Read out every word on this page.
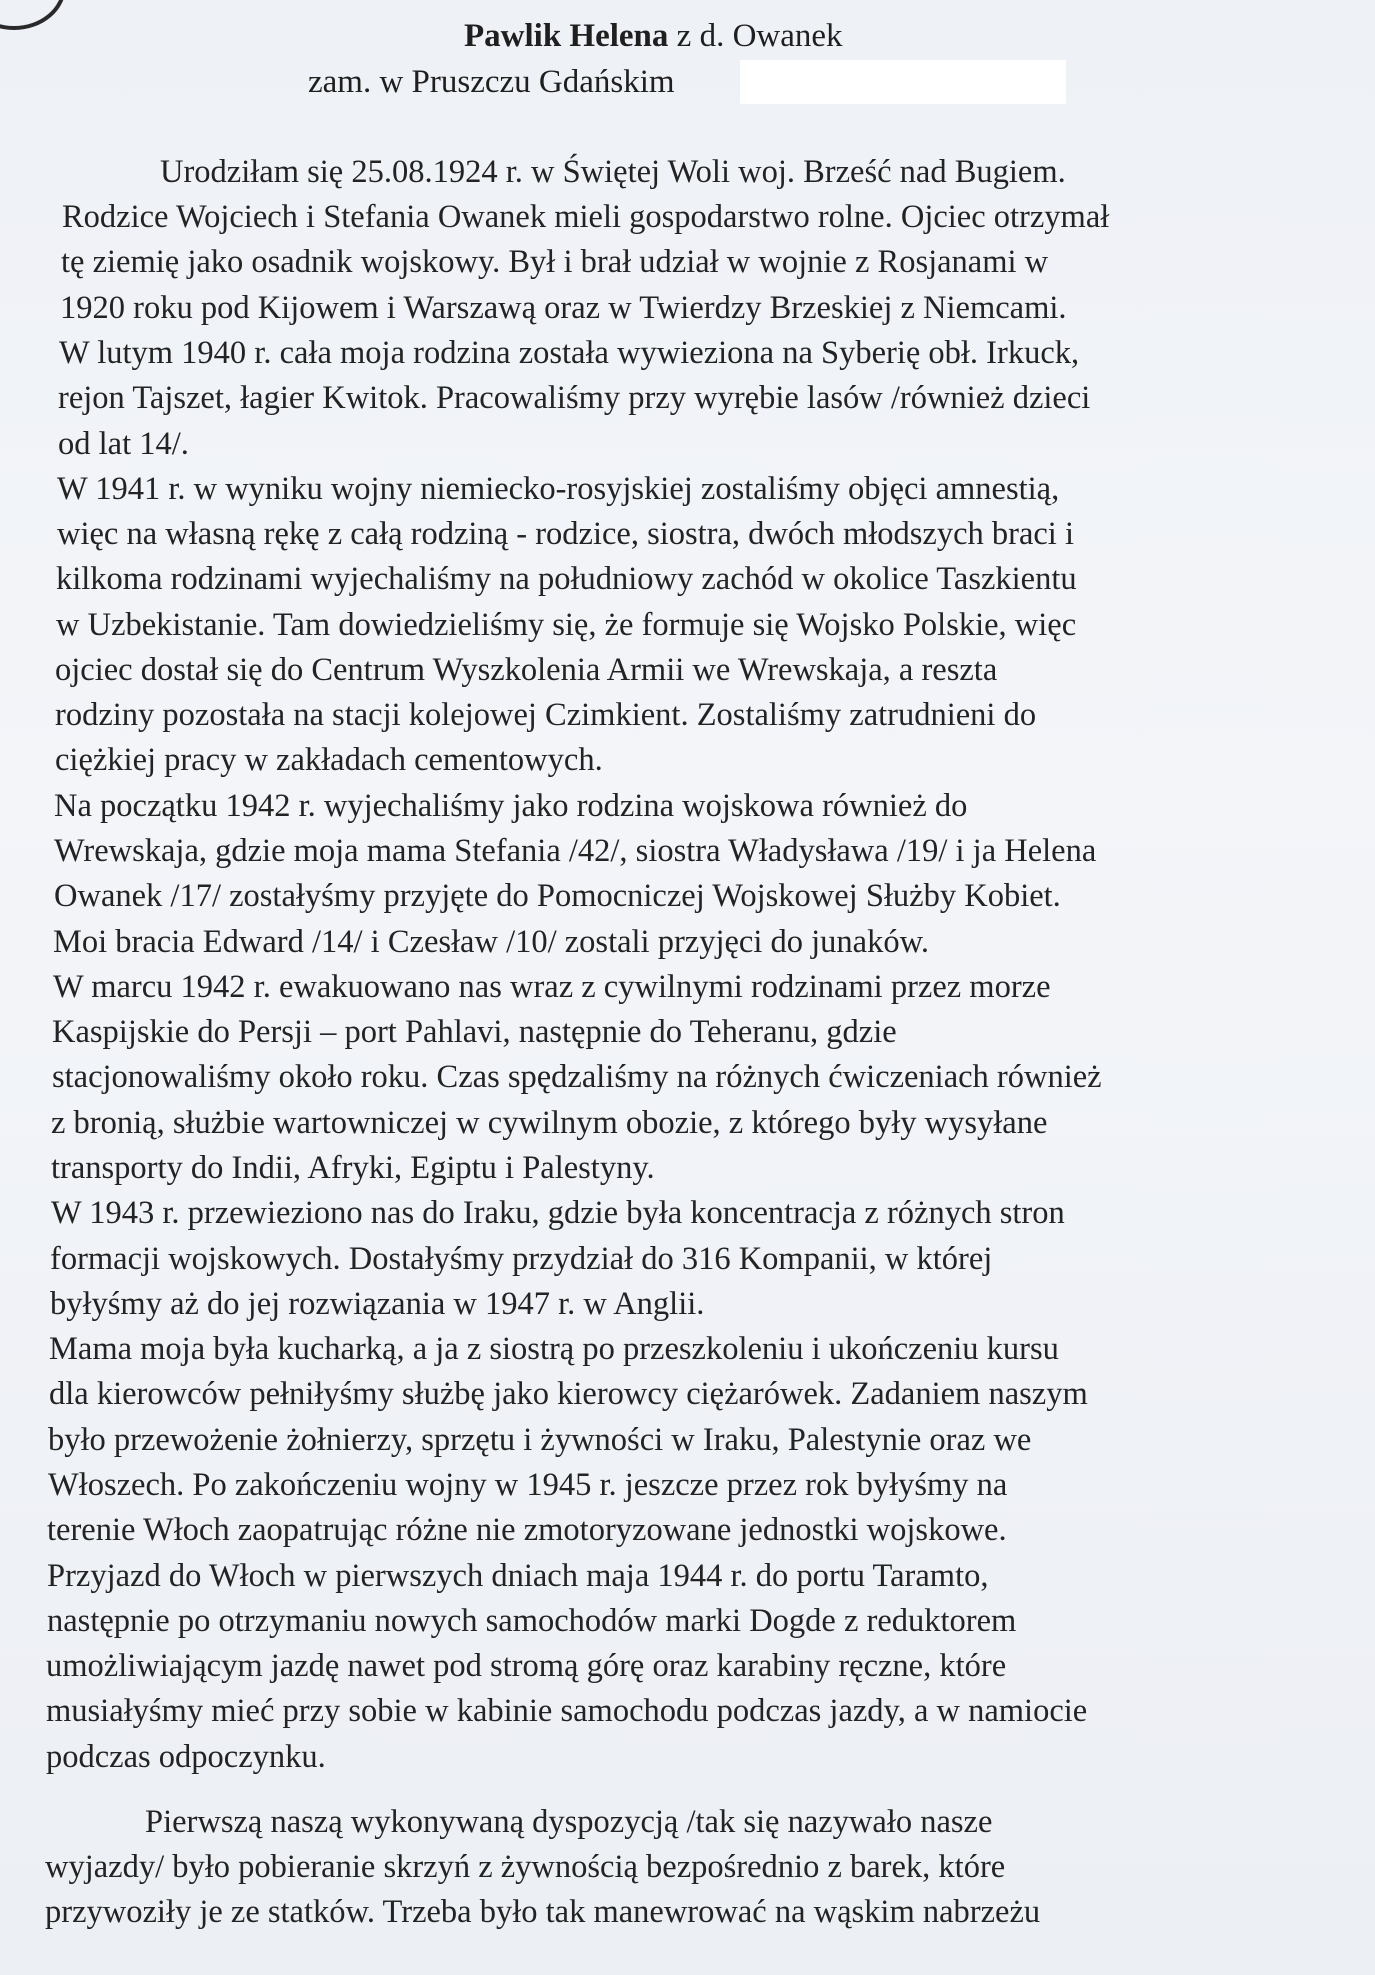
Pawlik Helena z d. Owanek
zam. w Pruszczu Gdańskim
Urodziłam się 25.08.1924 r. w Świętej Woli woj. Brześć nad Bugiem.
Rodzice Wojciech i Stefania Owanek mieli gospodarstwo rolne. Ojciec otrzymał
tę ziemię jako osadnik wojskowy. Był i brał udział w wojnie z Rosjanami w
1920 roku pod Kijowem i Warszawą oraz w Twierdzy Brzeskiej z Niemcami.
W lutym 1940 r. cała moja rodzina została wywieziona na Syberię obł. Irkuck,
rejon Tajszet, łagier Kwitok. Pracowaliśmy przy wyrębie lasów /również dzieci
od lat 14/.
W 1941 r. w wyniku wojny niemiecko-rosyjskiej zostaliśmy objęci amnestią,
więc na własną rękę z całą rodziną - rodzice, siostra, dwóch młodszych braci i
kilkoma rodzinami wyjechaliśmy na południowy zachód w okolice Taszkientu
w Uzbekistanie. Tam dowiedzieliśmy się, że formuje się Wojsko Polskie, więc
ojciec dostał się do Centrum Wyszkolenia Armii we Wrewskaja, a reszta
rodziny pozostała na stacji kolejowej Czimkient. Zostaliśmy zatrudnieni do
ciężkiej pracy w zakładach cementowych.
Na początku 1942 r. wyjechaliśmy jako rodzina wojskowa również do
Wrewskaja, gdzie moja mama Stefania /42/, siostra Władysława /19/ i ja Helena
Owanek /17/ zostałyśmy przyjęte do Pomocniczej Wojskowej Służby Kobiet.
Moi bracia Edward /14/ i Czesław /10/ zostali przyjęci do junaków.
W marcu 1942 r. ewakuowano nas wraz z cywilnymi rodzinami przez morze
Kaspijskie do Persji – port Pahlavi, następnie do Teheranu, gdzie
stacjonowaliśmy około roku. Czas spędzaliśmy na różnych ćwiczeniach również
z bronią, służbie wartowniczej w cywilnym obozie, z którego były wysyłane
transporty do Indii, Afryki, Egiptu i Palestyny.
W 1943 r. przewieziono nas do Iraku, gdzie była koncentracja z różnych stron
formacji wojskowych. Dostałyśmy przydział do 316 Kompanii, w której
byłyśmy aż do jej rozwiązania w 1947 r. w Anglii.
Mama moja była kucharką, a ja z siostrą po przeszkoleniu i ukończeniu kursu
dla kierowców pełniłyśmy służbę jako kierowcy ciężarówek. Zadaniem naszym
było przewożenie żołnierzy, sprzętu i żywności w Iraku, Palestynie oraz we
Włoszech. Po zakończeniu wojny w 1945 r. jeszcze przez rok byłyśmy na
terenie Włoch zaopatrując różne nie zmotoryzowane jednostki wojskowe.
Przyjazd do Włoch w pierwszych dniach maja 1944 r. do portu Taramto,
następnie po otrzymaniu nowych samochodów marki Dogde z reduktorem
umożliwiającym jazdę nawet pod stromą górę oraz karabiny ręczne, które
musiałyśmy mieć przy sobie w kabinie samochodu podczas jazdy, a w namiocie
podczas odpoczynku.
Pierwszą naszą wykonywaną dyspozycją /tak się nazywało nasze
wyjazdy/ było pobieranie skrzyń z żywnością bezpośrednio z barek, które
przywoziły je ze statków. Trzeba było tak manewrować na wąskim nabrzeżu
